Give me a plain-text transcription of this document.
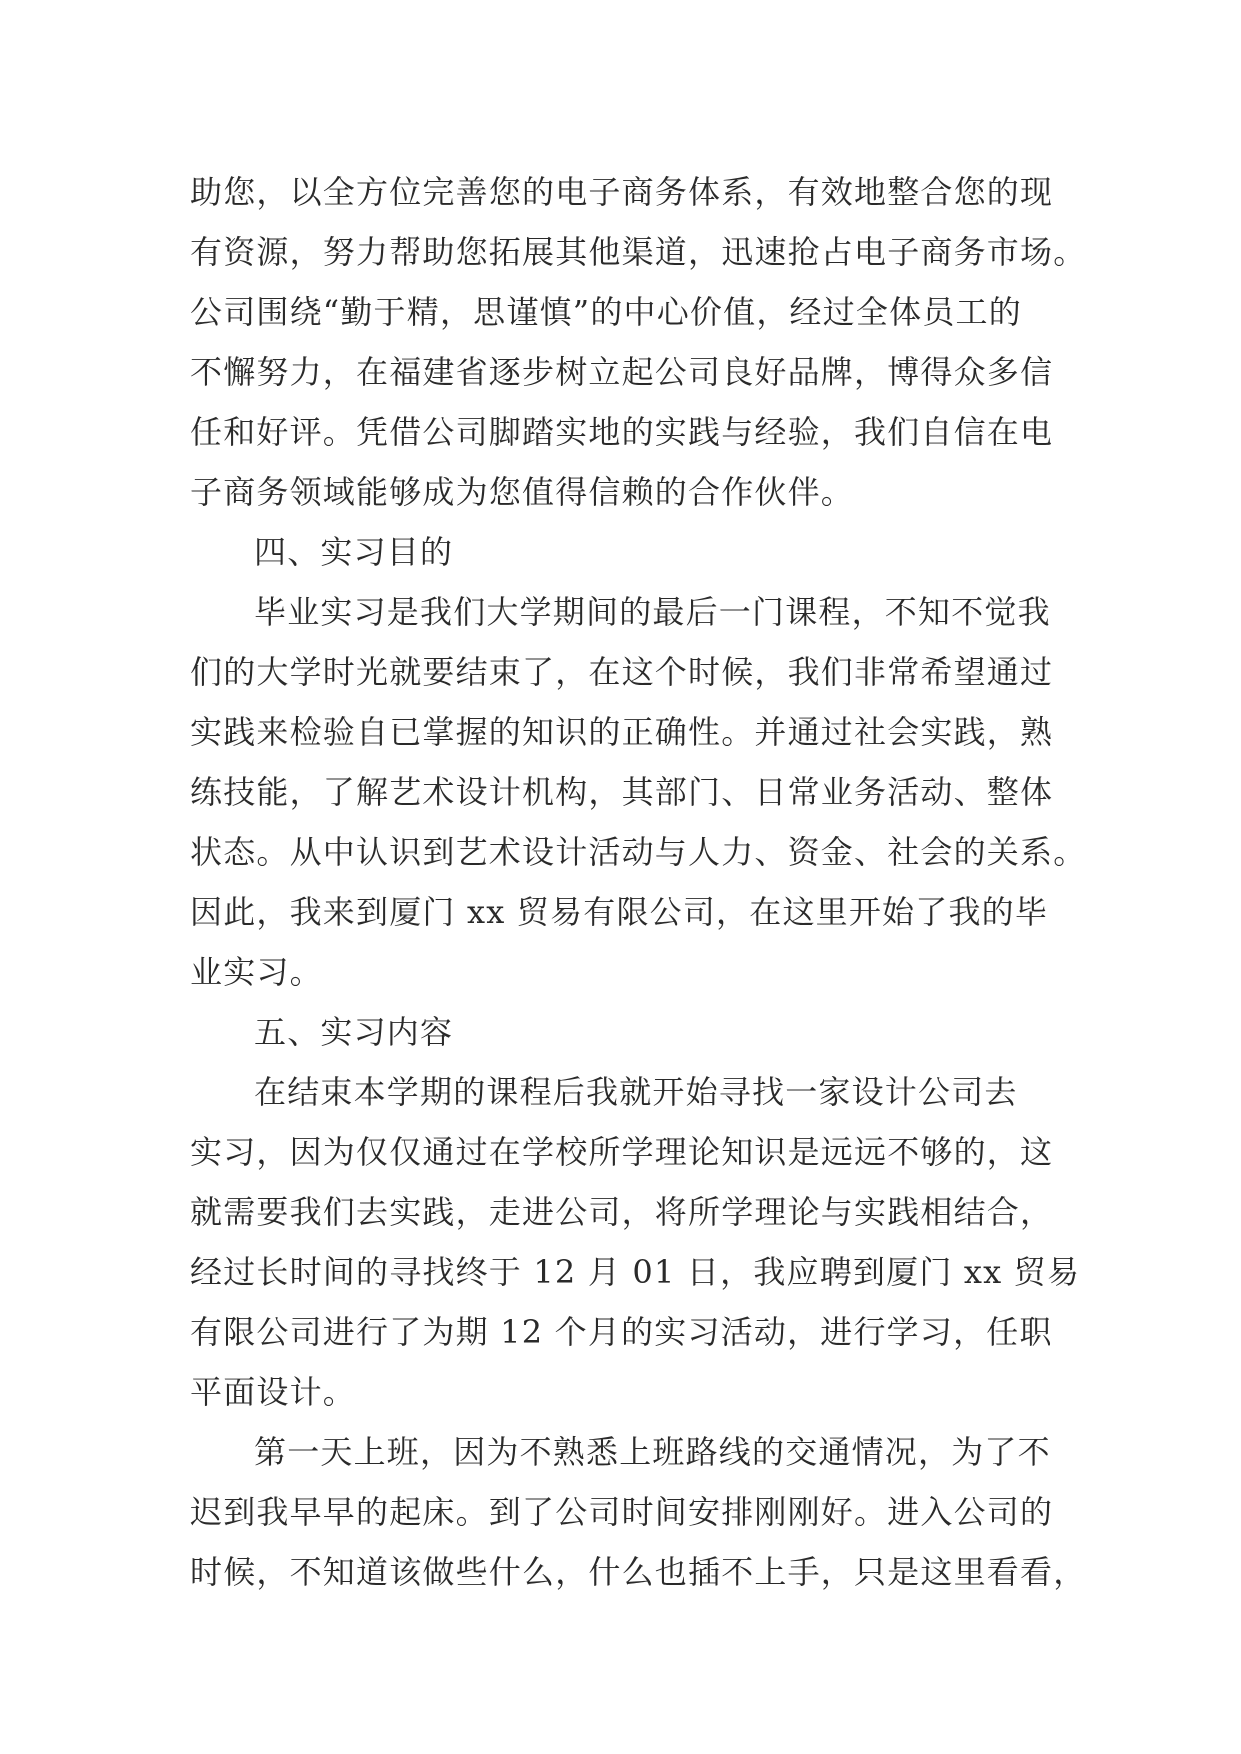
助您，以全方位完善您的电子商务体系，有效地整合您的现
有资源，努力帮助您拓展其他渠道，迅速抢占电子商务市场。
公司围绕“勤于精，思谨慎”的中心价值，经过全体员工的
不懈努力，在福建省逐步树立起公司良好品牌，博得众多信
任和好评。凭借公司脚踏实地的实践与经验，我们自信在电
子商务领域能够成为您值得信赖的合作伙伴。
四、实习目的
毕业实习是我们大学期间的最后一门课程，不知不觉我
们的大学时光就要结束了，在这个时候，我们非常希望通过
实践来检验自已掌握的知识的正确性。并通过社会实践，熟
练技能，了解艺术设计机构，其部门、日常业务活动、整体
状态。从中认识到艺术设计活动与人力、资金、社会的关系。
因此，我来到厦门 xx 贸易有限公司，在这里开始了我的毕
业实习。
五、实习内容
在结束本学期的课程后我就开始寻找一家设计公司去
实习，因为仅仅通过在学校所学理论知识是远远不够的，这
就需要我们去实践，走进公司，将所学理论与实践相结合，
经过长时间的寻找终于 12 月 01 日，我应聘到厦门 xx 贸易
有限公司进行了为期 12 个月的实习活动，进行学习，任职
平面设计。
第一天上班，因为不熟悉上班路线的交通情况，为了不
迟到我早早的起床。到了公司时间安排刚刚好。进入公司的
时候，不知道该做些什么，什么也插不上手，只是这里看看，
